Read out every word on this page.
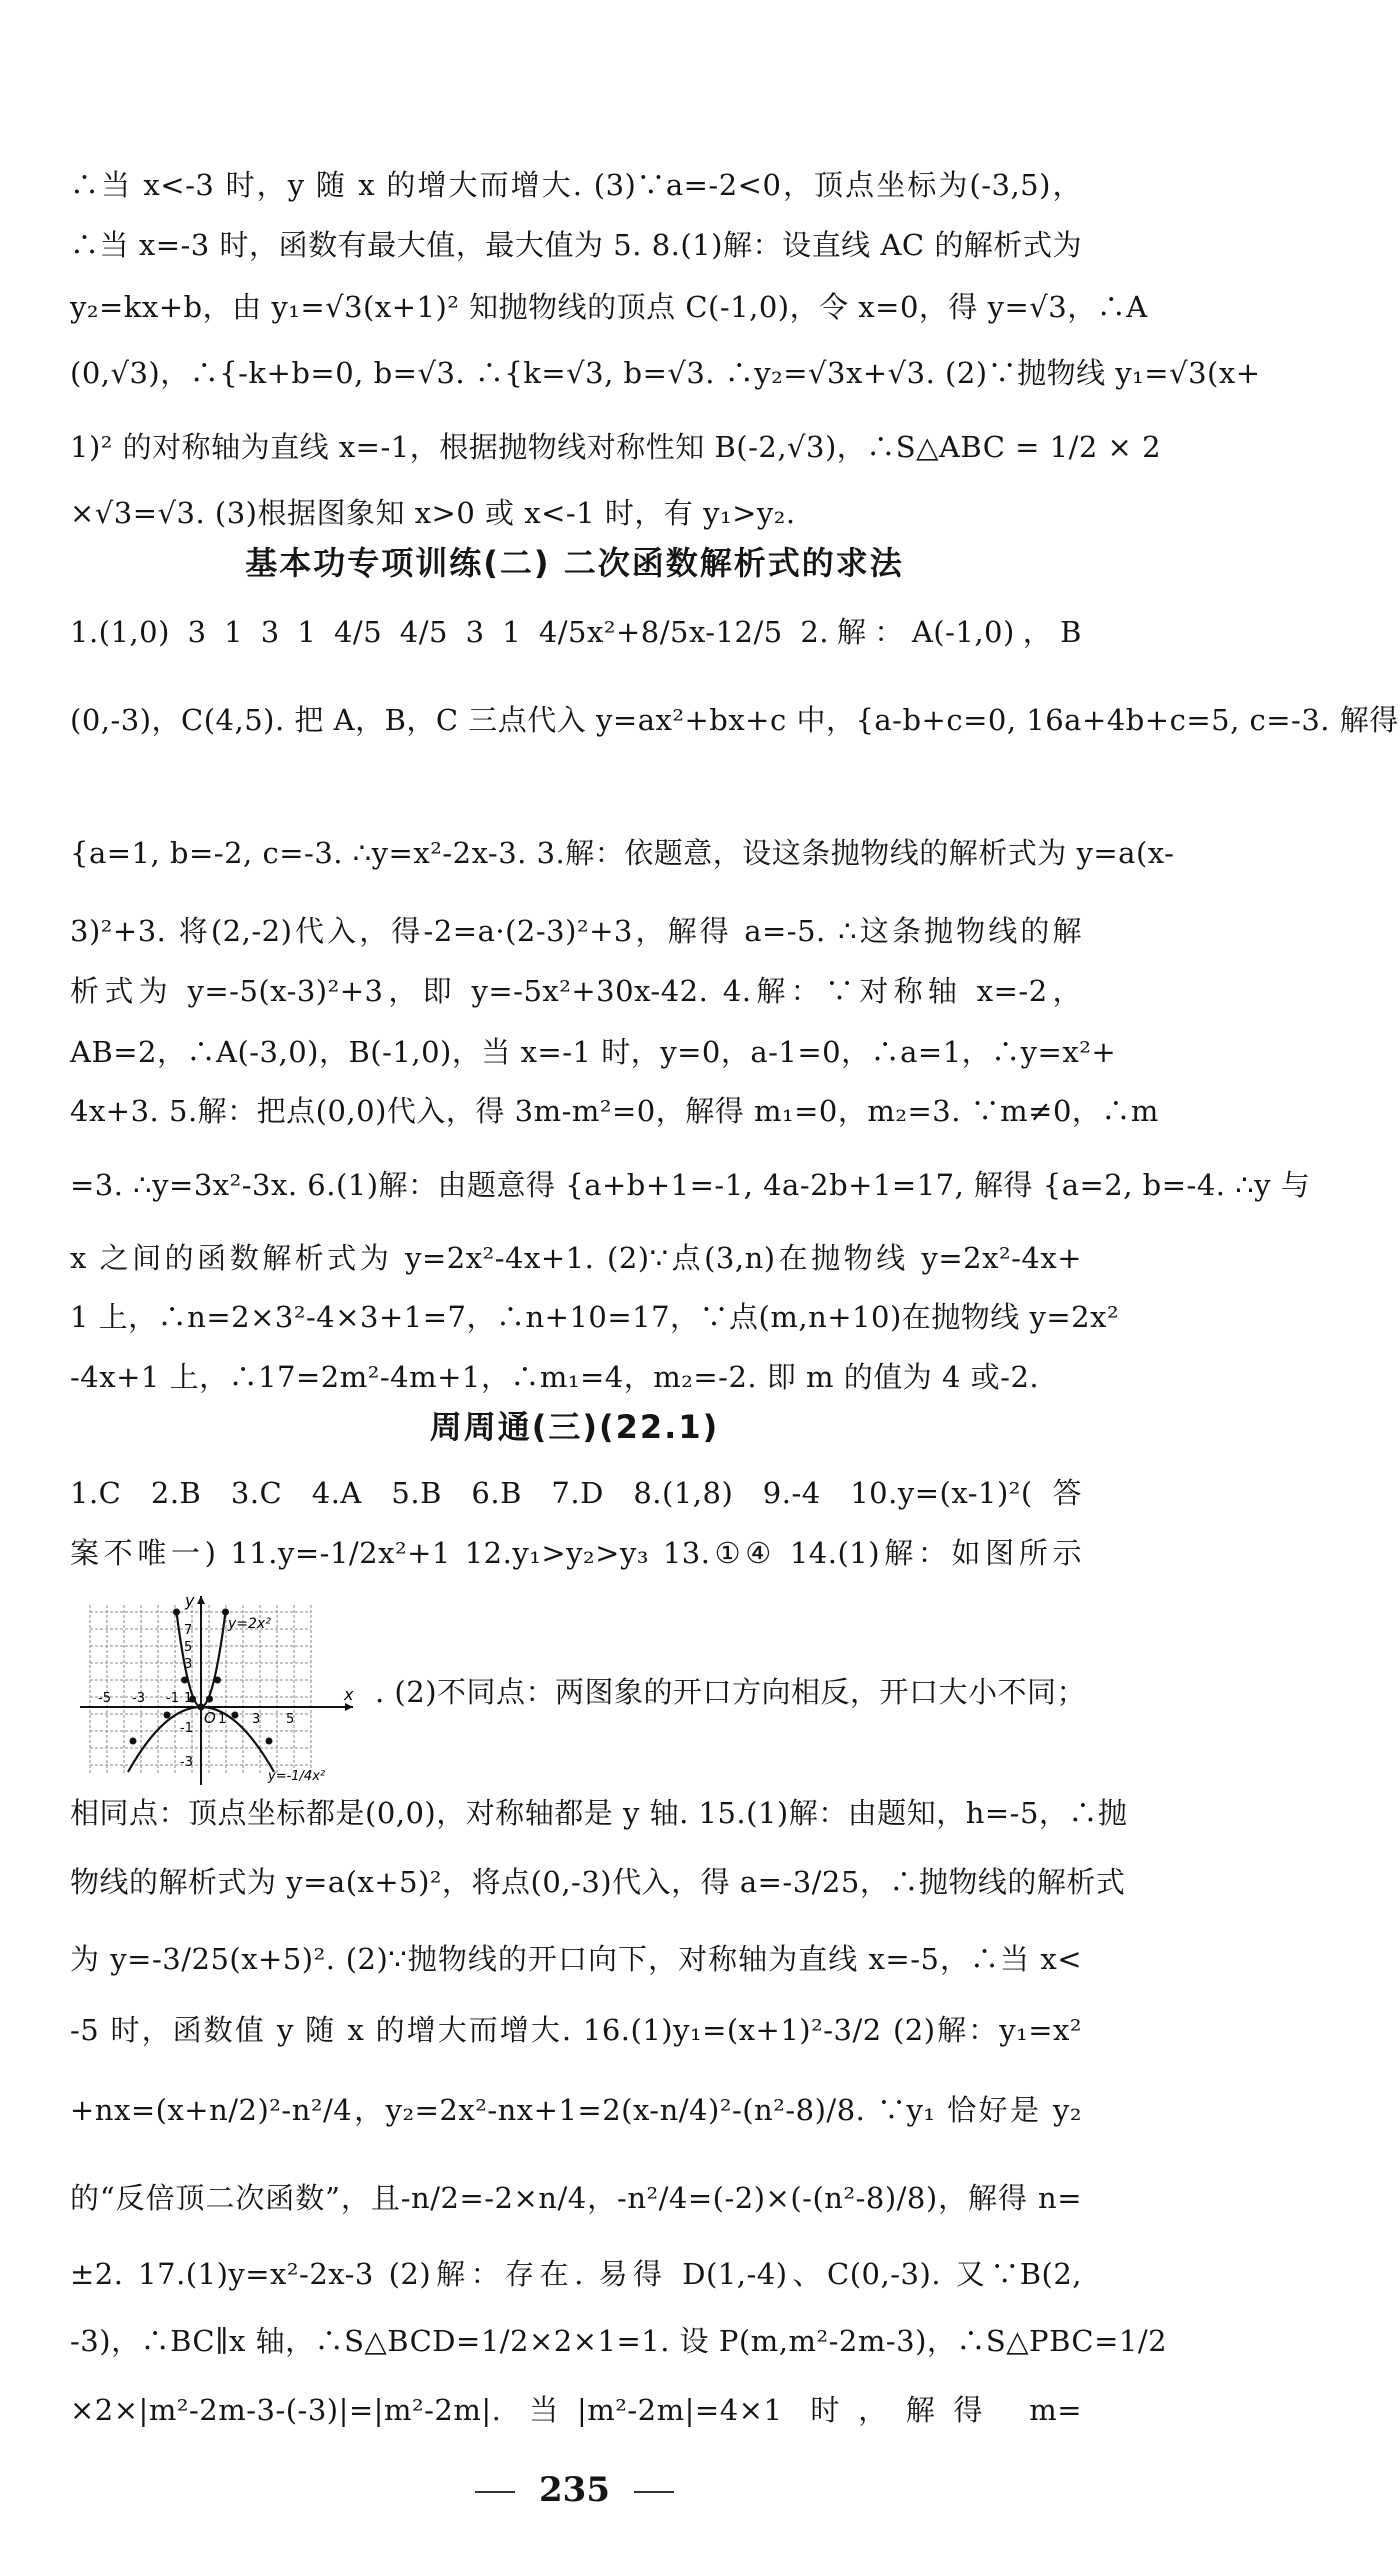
∴当 x<-3 时，y 随 x 的增大而增大. (3)∵a=-2<0，顶点坐标为(-3,5)，
∴当 x=-3 时，函数有最大值，最大值为 5. 8.(1)解：设直线 AC 的解析式为
y₂=kx+b，由 y₁=√3(x+1)² 知抛物线的顶点 C(-1,0)，令 x=0，得 y=√3，∴A
(0,√3)，∴{-k+b=0, b=√3. ∴{k=√3, b=√3. ∴y₂=√3x+√3. (2)∵抛物线 y₁=√3(x+
1)² 的对称轴为直线 x=-1，根据抛物线对称性知 B(-2,√3)，∴S△ABC = 1/2 × 2
×√3=√3. (3)根据图象知 x>0 或 x<-1 时，有 y₁>y₂.
基本功专项训练(二) 二次函数解析式的求法
1.(1,0) 3 1 3 1 4/5 4/5 3 1 4/5x²+8/5x-12/5 2.解：A(-1,0)，B
(0,-3)，C(4,5). 把 A，B，C 三点代入 y=ax²+bx+c 中，{a-b+c=0, 16a+4b+c=5, c=-3. 解得
{a=1, b=-2, c=-3. ∴y=x²-2x-3. 3.解：依题意，设这条抛物线的解析式为 y=a(x-
3)²+3. 将(2,-2)代入，得-2=a·(2-3)²+3，解得 a=-5. ∴这条抛物线的解
析式为 y=-5(x-3)²+3，即 y=-5x²+30x-42. 4.解：∵对称轴 x=-2，
AB=2，∴A(-3,0)，B(-1,0)，当 x=-1 时，y=0，a-1=0，∴a=1，∴y=x²+
4x+3. 5.解：把点(0,0)代入，得 3m-m²=0，解得 m₁=0，m₂=3. ∵m≠0，∴m
=3. ∴y=3x²-3x. 6.(1)解：由题意得 {a+b+1=-1, 4a-2b+1=17, 解得 {a=2, b=-4. ∴y 与
x 之间的函数解析式为 y=2x²-4x+1. (2)∵点(3,n)在抛物线 y=2x²-4x+
1 上，∴n=2×3²-4×3+1=7，∴n+10=17，∵点(m,n+10)在抛物线 y=2x²
-4x+1 上，∴17=2m²-4m+1，∴m₁=4，m₂=-2. 即 m 的值为 4 或-2.
周周通(三)(22.1)
1.C 2.B 3.C 4.A 5.B 6.B 7.D 8.(1,8) 9.-4 10.y=(x-1)²(答
案不唯一) 11.y=-1/2x²+1 12.y₁>y₂>y₃ 13.①④ 14.(1)解：如图所示
y
x
O
y=2x²
y=-1/4x²
7
5
3
1
-1
-3
-5 -3 -1
1 3 5
. (2)不同点：两图象的开口方向相反，开口大小不同；
相同点：顶点坐标都是(0,0)，对称轴都是 y 轴. 15.(1)解：由题知，h=-5，∴抛
物线的解析式为 y=a(x+5)²，将点(0,-3)代入，得 a=-3/25，∴抛物线的解析式
为 y=-3/25(x+5)². (2)∵抛物线的开口向下，对称轴为直线 x=-5，∴当 x<
-5 时，函数值 y 随 x 的增大而增大. 16.(1)y₁=(x+1)²-3/2 (2)解：y₁=x²
+nx=(x+n/2)²-n²/4，y₂=2x²-nx+1=2(x-n/4)²-(n²-8)/8. ∵y₁ 恰好是 y₂
的“反倍顶二次函数”，且-n/2=-2×n/4，-n²/4=(-2)×(-(n²-8)/8)，解得 n=
±2. 17.(1)y=x²-2x-3 (2)解：存在. 易得 D(1,-4)、C(0,-3). 又∵B(2,
-3)，∴BC∥x 轴，∴S△BCD=1/2×2×1=1. 设 P(m,m²-2m-3)，∴S△PBC=1/2
×2×|m²-2m-3-(-3)|=|m²-2m|. 当|m²-2m|=4×1 时，解得 m=
235
